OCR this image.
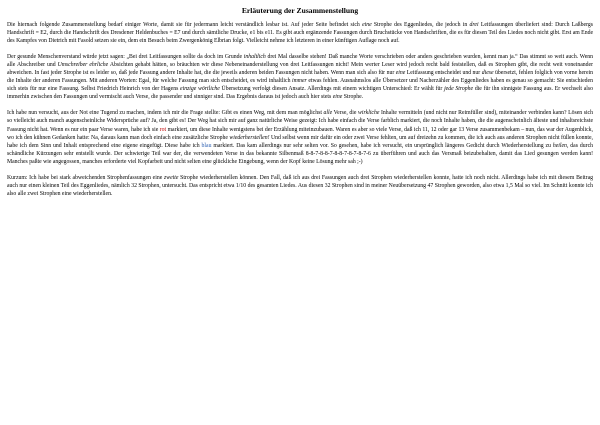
Erläuterung der Zusammenstellung

Die hiernach folgende Zusammenstellung bedarf einiger Worte, damit sie für jedermann leicht verständlich lesbar ist. Auf jeder Seite befindet sich eine Strophe des Eggenliedes, die jedoch in drei Leitfassungen überliefert sind: Durch Laßbergs Handschrift = E2, durch die Handschrift des Dresdener Heldenbuches = E7 und durch sämtliche Drucke, e1 bis e11. Es gibt auch ergänzende Fassungen durch Bruchstücke von Handschriften, die es für diesen Teil des Liedes noch nicht gibt. Erst am Ende des Kampfes von Dietrich mit Fasold setzen sie ein, dem ein Besuch beim Zwergenkönig Elbrian folgt. Vielleicht nehme ich letzteren in einer künftigen Auflage noch auf.

Der gesunde Menschenverstand würde jetzt sagen: „Bei drei Leitfassungen sollte da doch im Grunde inhaltlich drei Mal dasselbe stehen! Daß manche Worte verschrieben oder anders geschrieben wurden, kennt man ja.“ Das stimmt so weit auch. Wenn alle Abschreiber und Umschreiber ehrliche Absichten gehabt hätten, so bräuchten wir diese Nebeneinanderstellung von drei Leitfassungen nicht! Mein werter Leser wird jedoch recht bald feststellen, daß es Strophen gibt, die recht weit voneinander abweichen. In fast jeder Strophe ist es leider so, daß jede Fassung andere Inhalte hat, die die jeweils anderen beiden Fassungen nicht haben. Wenn man sich also für nur eine Leitfassung entscheidet und nur diese übersetzt, fehlen folglich von vorne herein die Inhalte der anderen Fassungen. Mit anderen Worten: Egal, für welche Fassung man sich entscheidet, es wird inhaltlich immer etwas fehlen. Ausnahmslos alle Übersetzer und Nacherzähler des Eggenliedes haben es genau so gemacht: Sie entschieden sich stets für nur eine Fassung. Selbst Friedrich Heinrich von der Hagens einzige wörtliche Übersetzung verfolgt diesen Ansatz. Allerdings mit einem wichtigen Unterschied: Er wählt für jede Strophe die für ihn sinnigste Fassung aus. Er wechselt also immerhin zwischen den Fassungen und vermischt auch Verse, die passender und sinniger sind. Das Ergebnis daraus ist jedoch auch hier stets eine Strophe.

Ich habe nun versucht, aus der Not eine Tugend zu machen, indem ich mir die Frage stellte: Gibt es einen Weg, mit dem man möglichst alle Verse, die wirkliche Inhalte vermitteln (und nicht nur Reimfüller sind), miteinander verbinden kann? Lösen sich so vielleicht auch manch augenscheinliche Widersprüche auf? Ja, den gibt es! Der Weg hat sich mir auf ganz natürliche Weise gezeigt: Ich habe einfach die Verse farblich markiert, die noch Inhalte haben, die die augenscheinlich älteste und inhaltsreichste Fassung nicht hat. Wenn es nur ein paar Verse waren, habe ich sie rot markiert, um diese Inhalte wenigstens bei der Erzählung miteinzubauen. Waren es aber so viele Verse, daß ich 11, 12 oder gar 13 Verse zusammenbekam – nun, das war der Augenblick, wo ich den kühnen Gedanken hatte: Na, daraus kann man doch einfach eine zusätzliche Strophe wiederherstellen! Und selbst wenn mir dafür ein oder zwei Verse fehlten, um auf dreizehn zu kommen, die ich auch aus anderen Strophen nicht füllen konnte, habe ich dem Sinn und Inhalt entsprechend eine eigene eingefügt. Diese habe ich blau markiert. Das kam allerdings nur sehr selten vor. So gesehen, habe ich versucht, ein ursprünglich längeres Gedicht durch Wiederherstellung zu heilen, das durch schändliche Kürzungen sehr entstellt wurde. Der schwierige Teil war der, die verwendeten Verse in das bekannte Silbenmaß 8-8-7-8-8-7-8-8-7-8-7-8-7-6 zu überführen und auch das Versmaß beizubehalten, damit das Lied gesungen werden kann! Manches paßte wie angegossen, manches erforderte viel Kopfarbeit und nicht selten eine glückliche Eingebung, wenn der Kopf keine Lösung mehr sah ;-)

Kurzum: Ich habe bei stark abweichenden Strophenfassungen eine zweite Strophe wiederherstellen können. Den Fall, daß ich aus drei Fassungen auch drei Strophen wiederherstellen konnte, hatte ich noch nicht. Allerdings habe ich mit diesem Beitrag auch nur einen kleinen Teil des Eggenliedes, nämlich 32 Strophen, untersucht. Das entspricht etwa 1/10 des gesamten Liedes. Aus diesen 32 Strophen sind in meiner Neuübersetzung 47 Strophen geworden, also etwa 1,5 Mal so viel. Im Schnitt konnte ich also alle zwei Strophen eine wiederherstellen.
